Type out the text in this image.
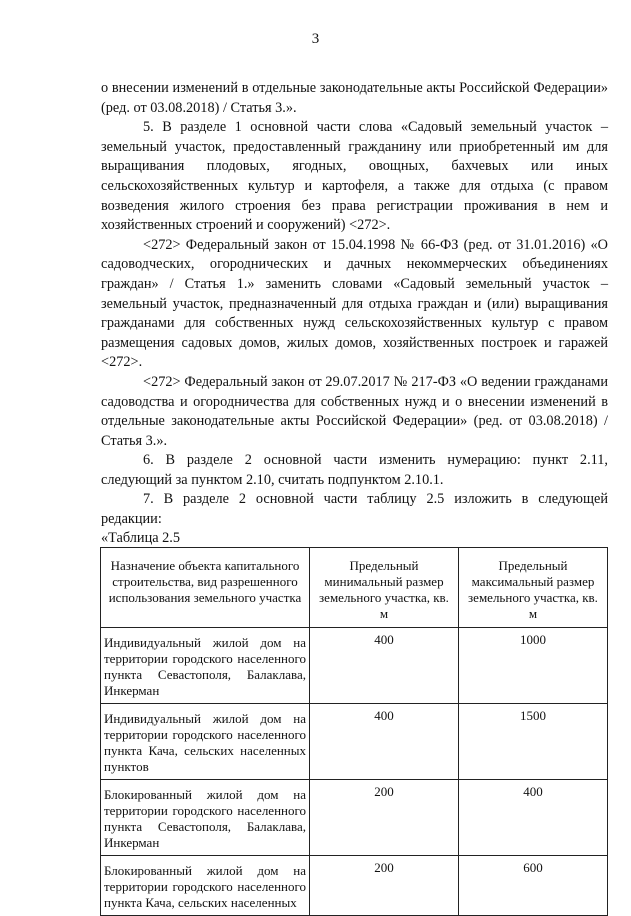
3

о внесении изменений в отдельные законодательные акты Российской Федерации» (ред. от 03.08.2018) / Статья 3.».

5. В разделе 1 основной части слова «Садовый земельный участок – земельный участок, предоставленный гражданину или приобретенный им для выращивания плодовых, ягодных, овощных, бахчевых или иных сельскохозяйственных культур и картофеля, а также для отдыха (с правом возведения жилого строения без права регистрации проживания в нем и хозяйственных строений и сооружений) <272>.

<272> Федеральный закон от 15.04.1998 № 66-ФЗ (ред. от 31.01.2016) «О садоводческих, огороднических и дачных некоммерческих объединениях граждан» / Статья 1.» заменить словами «Садовый земельный участок – земельный участок, предназначенный для отдыха граждан и (или) выращивания гражданами для собственных нужд сельскохозяйственных культур с правом размещения садовых домов, жилых домов, хозяйственных построек и гаражей <272>.

<272> Федеральный закон от 29.07.2017 № 217-ФЗ «О ведении гражданами садоводства и огородничества для собственных нужд и о внесении изменений в отдельные законодательные акты Российской Федерации» (ред. от 03.08.2018) / Статья 3.».

6. В разделе 2 основной части изменить нумерацию: пункт 2.11, следующий за пунктом 2.10, считать подпунктом 2.10.1.

7. В разделе 2 основной части таблицу 2.5 изложить в следующей редакции:

«Таблица 2.5

Назначение объекта капитального строительства, вид разрешенного использования земельного участка	Предельный минимальный размер земельного участка, кв. м	Предельный максимальный размер земельного участка, кв. м
Индивидуальный жилой дом на территории городского населенного пункта Севастополя, Балаклава, Инкерман	400	1000
Индивидуальный жилой дом на территории городского населенного пункта Кача, сельских населенных пунктов	400	1500
Блокированный жилой дом на территории городского населенного пункта Севастополя, Балаклава, Инкерман	200	400
Блокированный жилой дом на территории городского населенного пункта Кача, сельских населенных	200	600
